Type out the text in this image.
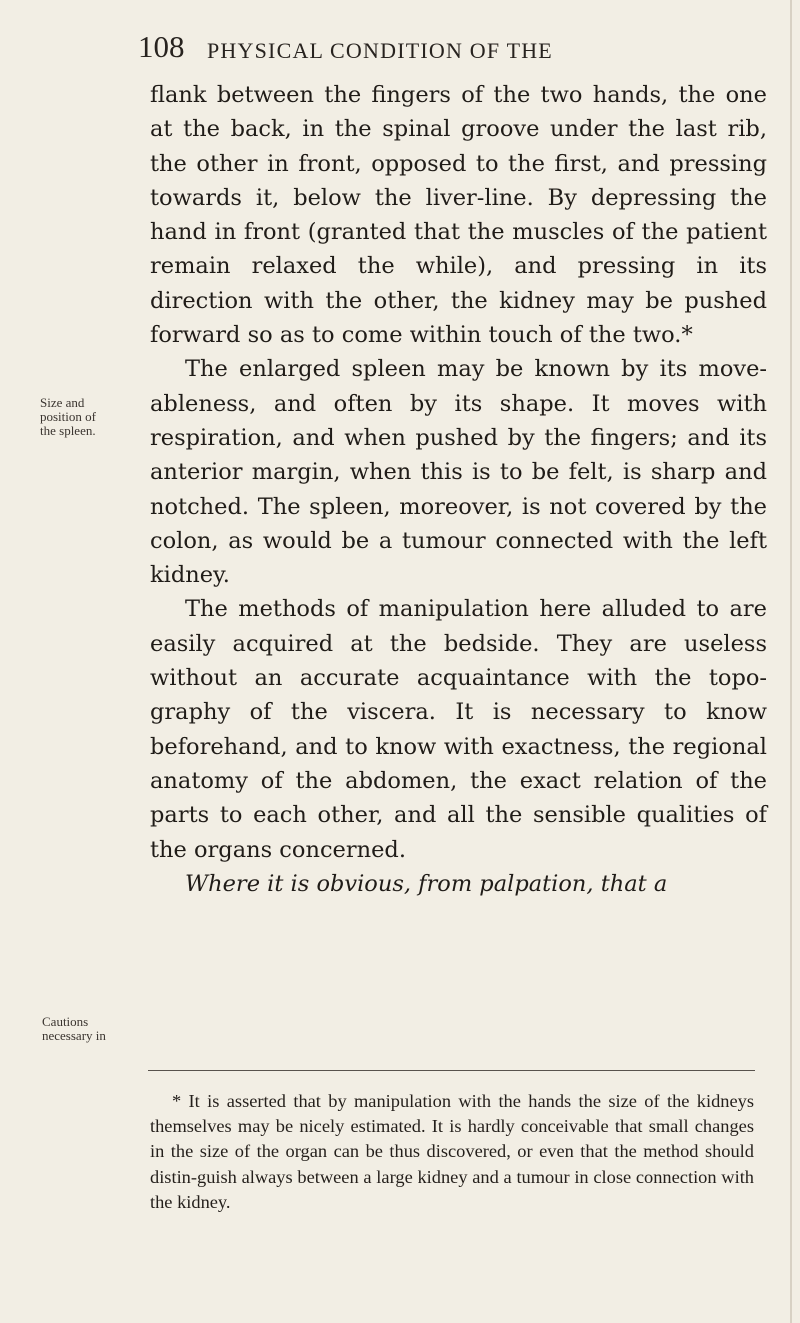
108 PHYSICAL CONDITION OF THE
Size and
position of
the spleen.
Cautions
necessary in

flank between the fingers of the two hands, the one at the back, in the spinal groove under the last rib, the other in front, opposed to the first, and pressing towards it, below the liver-line. By depressing the hand in front (granted that the muscles of the patient remain relaxed the while), and pressing in its direction with the other, the kidney may be pushed forward so as to come within touch of the two.*

The enlarged spleen may be known by its move-ableness, and often by its shape. It moves with respiration, and when pushed by the fingers; and its anterior margin, when this is to be felt, is sharp and notched. The spleen, moreover, is not covered by the colon, as would be a tumour connected with the left kidney.

The methods of manipulation here alluded to are easily acquired at the bedside. They are useless without an accurate acquaintance with the topo-graphy of the viscera. It is necessary to know beforehand, and to know with exactness, the regional anatomy of the abdomen, the exact relation of the parts to each other, and all the sensible qualities of the organs concerned.

Where it is obvious, from palpation, that a

* It is asserted that by manipulation with the hands the size of the kidneys themselves may be nicely estimated. It is hardly conceivable that small changes in the size of the organ can be thus discovered, or even that the method should distin-guish always between a large kidney and a tumour in close connection with the kidney.
